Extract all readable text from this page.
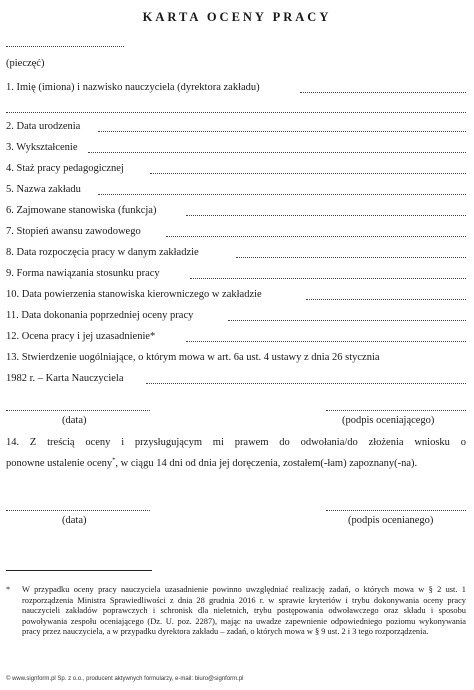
KARTA OCENY PRACY
(pieczęć)
1. Imię (imiona) i nazwisko nauczyciela (dyrektora zakładu)
2. Data urodzenia
3. Wykształcenie
4. Staż pracy pedagogicznej
5. Nazwa zakładu
6. Zajmowane stanowiska (funkcja)
7. Stopień awansu zawodowego
8. Data rozpoczęcia pracy w danym zakładzie
9. Forma nawiązania stosunku pracy
10. Data powierzenia stanowiska kierowniczego w zakładzie
11. Data dokonania poprzedniej oceny pracy
12. Ocena pracy i jej uzasadnienie*
13. Stwierdzenie uogólniające, o którym mowa w art. 6a ust. 4 ustawy z dnia 26 stycznia
1982 r. – Karta Nauczyciela
(data)	(podpis oceniającego)
14. Z treścią oceny i przysługującym mi prawem do odwołania/do złożenia wniosku o
ponowne ustalenie oceny*, w ciągu 14 dni od dnia jej doręczenia, zostałem(-łam) zapoznany(-na).
(data)	(podpis ocenianego)
* W przypadku oceny pracy nauczyciela uzasadnienie powinno uwzględniać realizację zadań, o których mowa w § 2 ust. 1 rozporządzenia Ministra Sprawiedliwości z dnia 28 grudnia 2016 r. w sprawie kryteriów i trybu dokonywania oceny pracy nauczycieli zakładów poprawczych i schronisk dla nieletnich, trybu postępowania odwoławczego oraz składu i sposobu powoływania zespołu oceniającego (Dz. U. poz. 2287), mając na uwadze zapewnienie odpowiedniego poziomu wykonywania pracy przez nauczyciela, a w przypadku dyrektora zakładu – zadań, o których mowa w § 9 ust. 2 i 3 tego rozporządzenia.
© www.signform.pl Sp. z o.o., producent aktywnych formularzy, e-mail: biuro@signform.pl
